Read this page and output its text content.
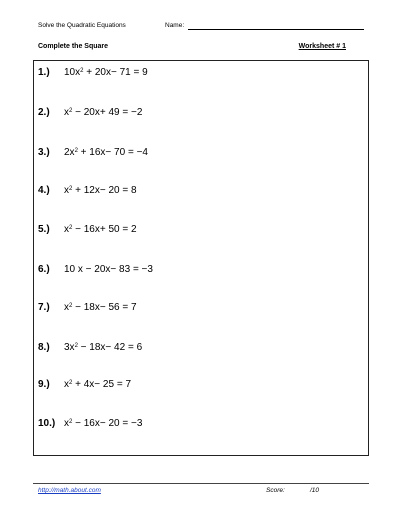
Solve the Quadratic Equations	Name:
Complete the Square	Worksheet # 1
1.) $10x^2 + 20x- 71 = 9$
2.) $x^2 - 20x+ 49 = -2$
3.) $2x^2 + 16x- 70 = -4$
4.) $x^2 + 12x- 20 = 8$
5.) $x^2 - 16x+ 50 = 2$
6.) 10 x − 20x− 83 = −3
7.) $x^2 - 18x- 56 = 7$
8.) $3x^2 - 18x- 42 = 6$
9.) $x^2 + 4x- 25 = 7$
10.) $x^2 - 16x- 20 = -3$
http://math.about.com	Score:	/10
